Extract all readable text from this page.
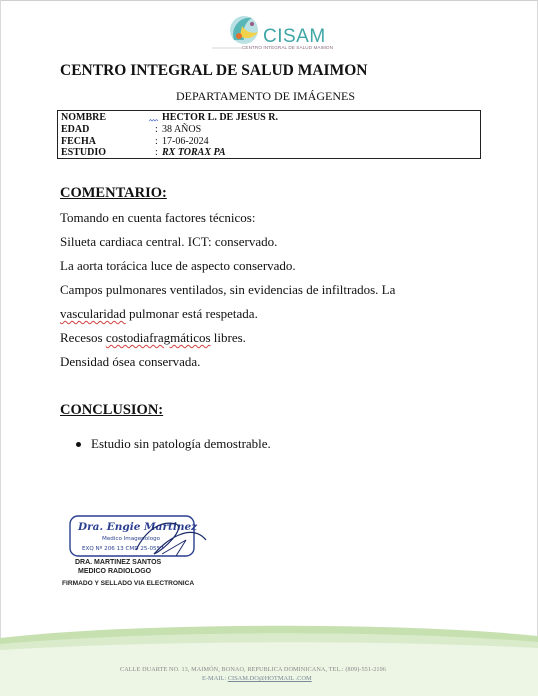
CISAM
CENTRO INTEGRAL DE SALUD MAIMON
CENTRO INTEGRAL DE SALUD MAIMON
DEPARTAMENTO DE IMÁGENES
NOMBRE	HECTOR L. DE JESUS R.
EDAD	: 38 AÑOS
FECHA	: 17-06-2024
ESTUDIO	: RX TORAX PA
COMENTARIO:
Tomando en cuenta factores técnicos:
Silueta cardiaca central. ICT: conservado.
La aorta torácica luce de aspecto conservado.
Campos pulmonares ventilados, sin evidencias de infiltrados. La
vascularidad pulmonar está respetada.
Recesos costodiafragmáticos libres.
Densidad ósea conservada.
CONCLUSION:
Estudio sin patología demostrable.
Dra. Engie Martinez
Medico Imagenologo
EXQ Nº 206 13 CMD 25-0557
DRA. MARTINEZ SANTOS
MEDICO RADIOLOGO
FIRMADO Y SELLADO VIA ELECTRONICA
CALLE DUARTE NO. 13, MAIMÓN, BONAO, REPUBLICA DOMINICANA, TEL.: (809)-551-2196
E-MAIL: CISAM.DO@HOTMAIL .COM
